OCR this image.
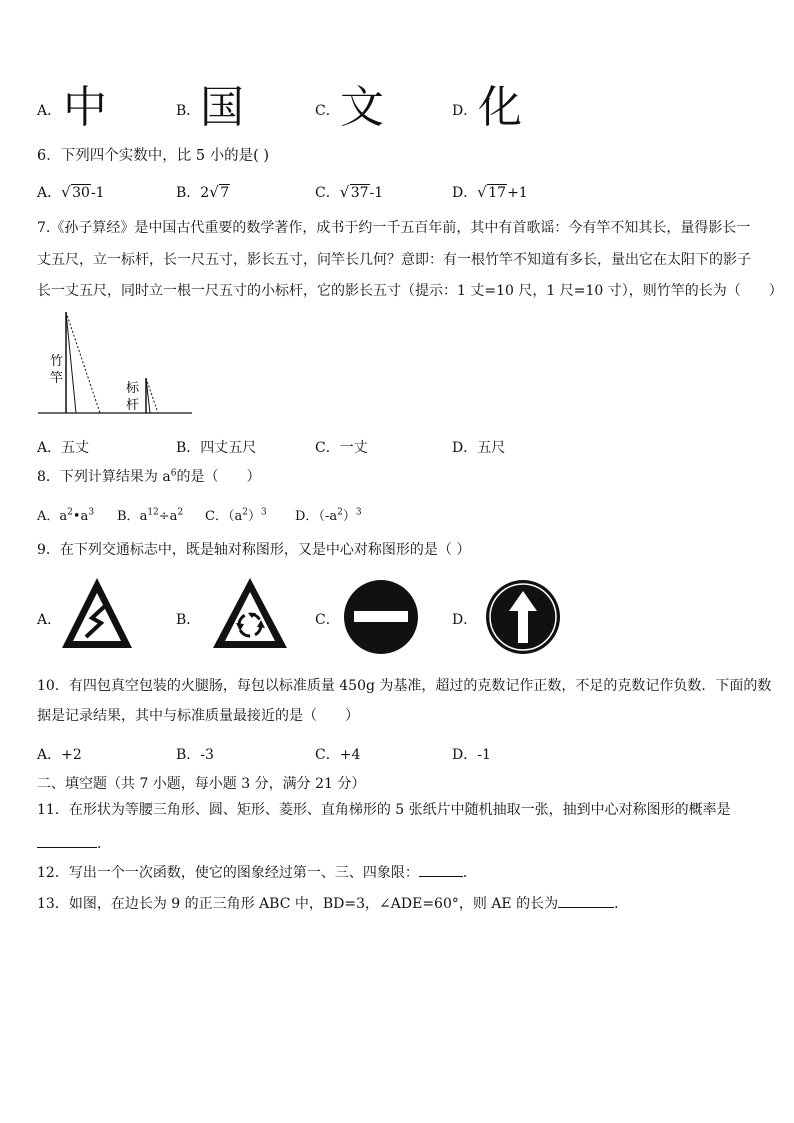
A． 中	B． 国	C． 文	D． 化
6．下列四个实数中，比 5 小的是( )
A． √ 30-1	B．2 √ 7	C． √ 37-1	D． √ 17+1
7.《孙子算经》是中国古代重要的数学著作，成书于约一千五百年前，其中有首歌谣：今有竿不知其长，量得影长一
丈五尺，立一标杆，长一尺五寸，影长五寸，问竿长几何？意即：有一根竹竿不知道有多长，量出它在太阳下的影子
长一丈五尺，同时立一根一尺五寸的小标杆，它的影长五寸（提示：1 丈=10 尺，1 尺=10 寸），则竹竿的长为（　　）
竹
竿
标
杆
A．五丈	B．四丈五尺	C．一丈	D．五尺
8．下列计算结果为 $a^6$的是（　　）
A．$a^2•a^3$ B．$a^{12}\div a^2$ C．$(a^2)^3$ D．$(-a^2)^3$
9．在下列交通标志中，既是轴对称图形，又是中心对称图形的是（ ）
A．	B．	C．	D．
10．有四包真空包装的火腿肠，每包以标准质量 450g 为基准，超过的克数记作正数，不足的克数记作负数．下面的数
据是记录结果，其中与标准质量最接近的是（　　）
A．+2	B．-3	C．+4	D．-1
二、填空题（共 7 小题，每小题 3 分，满分 21 分）
11．在形状为等腰三角形、圆、矩形、菱形、直角梯形的 5 张纸片中随机抽取一张，抽到中心对称图形的概率是
．
12．写出一个一次函数，使它的图象经过第一、三、四象限：	．
13．如图，在边长为 9 的正三角形 ABC 中，BD=3，∠ADE=60°，则 AE 的长为	．
